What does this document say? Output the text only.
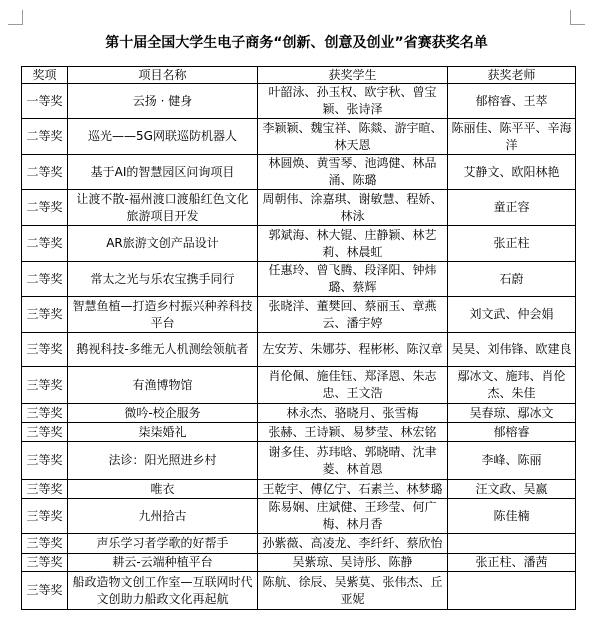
第十届全国大学生电子商务“创新、创意及创业”省赛获奖名单
奖项	项目名称	获奖学生	获奖老师
一等奖	云扬 · 健身	叶韶泳、孙玉权、欧宇秋、曾宝颖、张诗泽	郁榕睿、王萃
二等奖	巡光——5G网联巡防机器人	李颖颖、魏宝祥、陈燚、游宇暄、林天恩	陈丽佳、陈平平、辛海洋
二等奖	基于AI的智慧园区问询项目	林圆焕、黄雪琴、池鸿健、林品涌、陈璐	艾静文、欧阳林艳
二等奖	让渡不散-福州渡口渡船红色文化旅游项目开发	周朝伟、涂嘉琪、谢敏慧、程娇、林泳	童正容
二等奖	AR旅游文创产品设计	郭斌海、林大锟、庄静颖、林艺莉、林晨虹	张正柱
二等奖	常太之光与乐农宝携手同行	任惠玲、曾飞腾、段泽阳、钟炜璐、蔡辉	石蔚
三等奖	智慧鱼植—打造乡村振兴种养科技平台	张晓洋、董樊回、蔡丽玉、章燕云、潘宇婷	刘文武、仲会娟
三等奖	鹅视科技-多维无人机测绘领航者	左安芳、朱娜芬、程彬彬、陈汉章	吴昊、刘伟锋、欧建良
三等奖	有渔博物馆	肖伦佩、施佳钰、郑泽恩、朱志忠、王文浩	鄢冰文、施玮、肖伦杰、朱佳
三等奖	微吟-校企服务	林永杰、骆晓月、张雪梅	吴春琼、鄢冰文
三等奖	柒柒婚礼	张赫、王诗颖、易梦莹、林宏铭	郁榕睿
三等奖	法诊：阳光照进乡村	谢多佳、苏玮晗、郭晓晴、沈聿菱、林首恩	李峰、陈丽
三等奖	唯衣	王乾宇、傅亿宁、石素兰、林梦璐	汪文政、吴嬴
三等奖	九州拾古	陈易娴、庄斌健、王珍莹、何广梅、林月香	陈佳楠
三等奖	声乐学习者学歌的好帮手	孙紫薇、高凌龙、李纤纤、蔡欣怡	
三等奖	耕云-云端种植平台	吴紫琼、吴诗彤、陈静	张正柱、潘茜
三等奖	船政造物文创工作室—互联网时代 文创助力船政文化再起航	陈航、徐辰、吴紫莫、张伟杰、丘亚妮	
